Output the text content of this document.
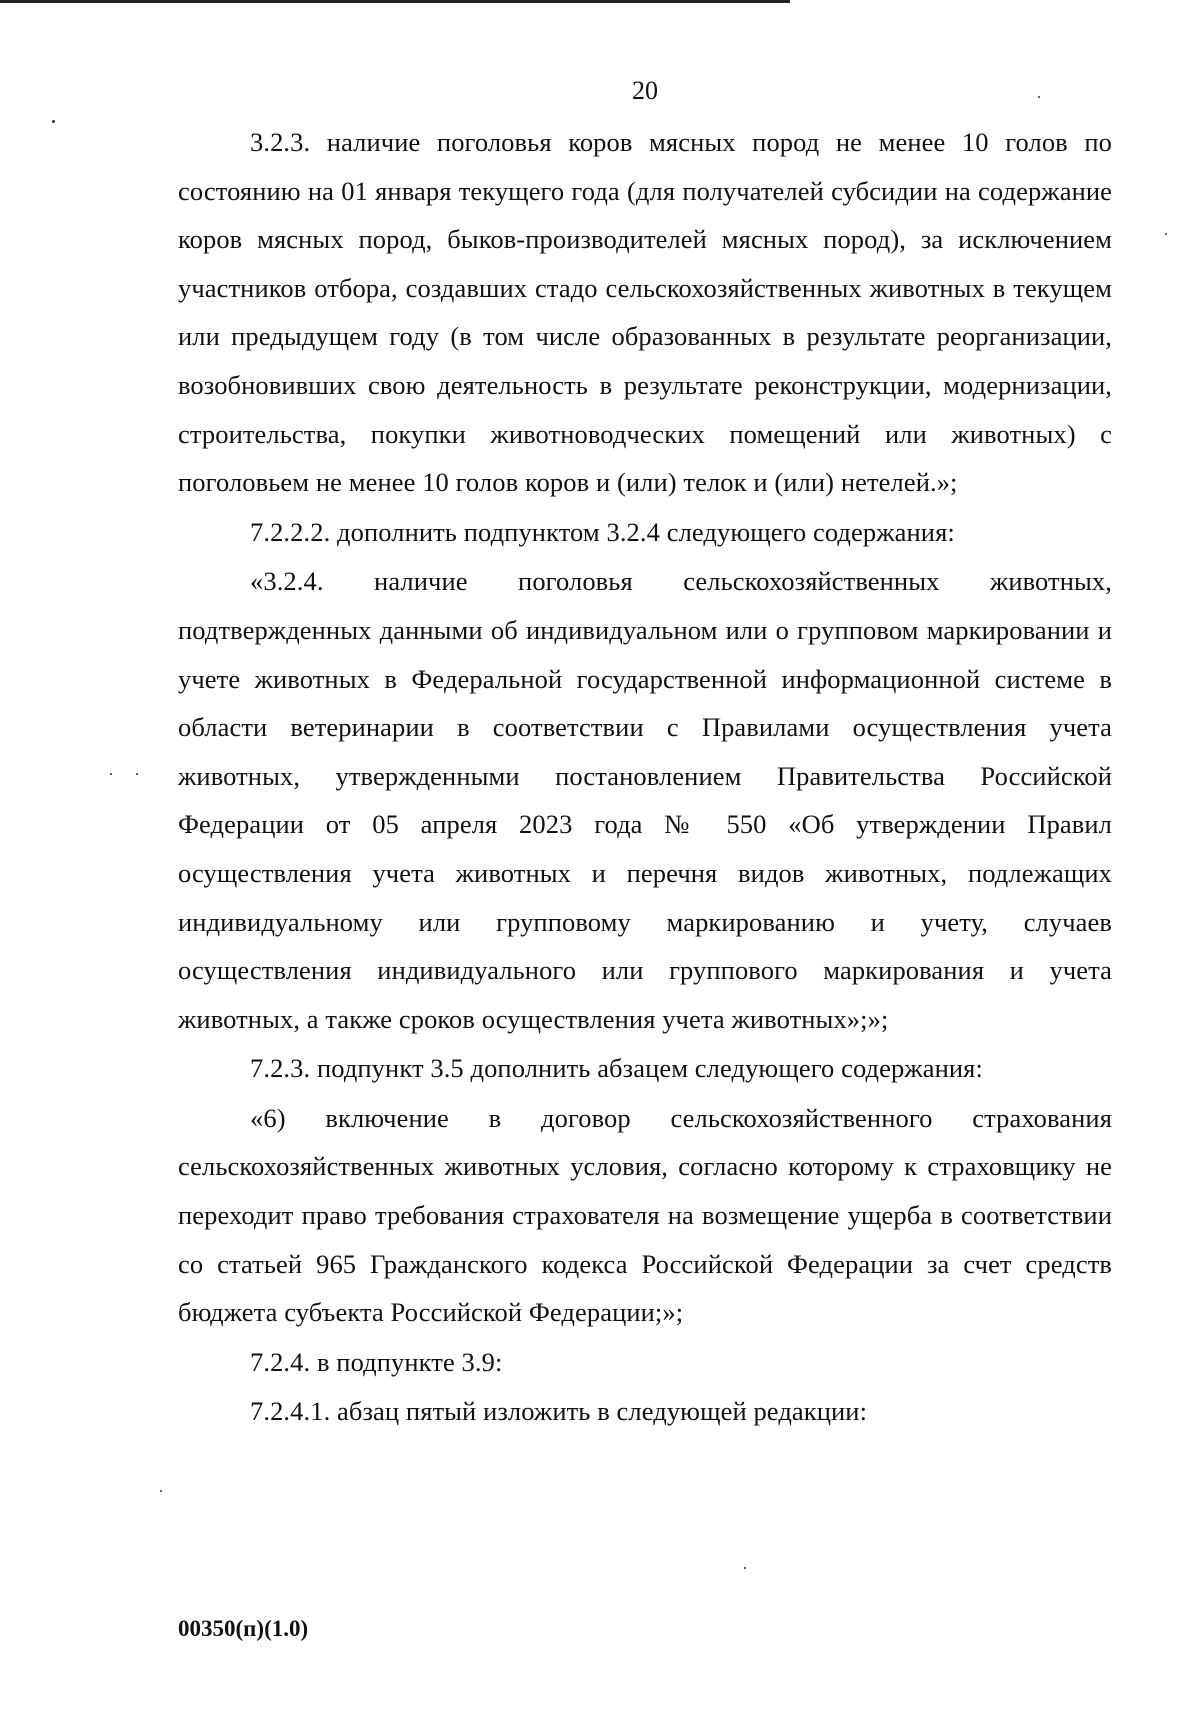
20

3.2.3. наличие поголовья коров мясных пород не менее 10 голов по состоянию на 01 января текущего года (для получателей субсидии на содержание коров мясных пород, быков-производителей мясных пород), за исключением участников отбора, создавших стадо сельскохозяйственных животных в текущем или предыдущем году (в том числе образованных в результате реорганизации, возобновивших свою деятельность в результате реконструкции, модернизации, строительства, покупки животноводческих помещений или животных) с поголовьем не менее 10 голов коров и (или) телок и (или) нетелей.»;

7.2.2.2. дополнить подпунктом 3.2.4 следующего содержания:

«3.2.4. наличие поголовья сельскохозяйственных животных, подтвержденных данными об индивидуальном или о групповом маркировании и учете животных в Федеральной государственной информационной системе в области ветеринарии в соответствии с Правилами осуществления учета животных, утвержденными постановлением Правительства Российской Федерации от 05 апреля 2023 года № 550 «Об утверждении Правил осуществления учета животных и перечня видов животных, подлежащих индивидуальному или групповому маркированию и учету, случаев осуществления индивидуального или группового маркирования и учета животных, а также сроков осуществления учета животных»;»;

7.2.3. подпункт 3.5 дополнить абзацем следующего содержания:

«6) включение в договор сельскохозяйственного страхования сельскохозяйственных животных условия, согласно которому к страховщику не переходит право требования страхователя на возмещение ущерба в соответствии со статьей 965 Гражданского кодекса Российской Федерации за счет средств бюджета субъекта Российской Федерации;»;

7.2.4. в подпункте 3.9:

7.2.4.1. абзац пятый изложить в следующей редакции:

00350(п)(1.0)
